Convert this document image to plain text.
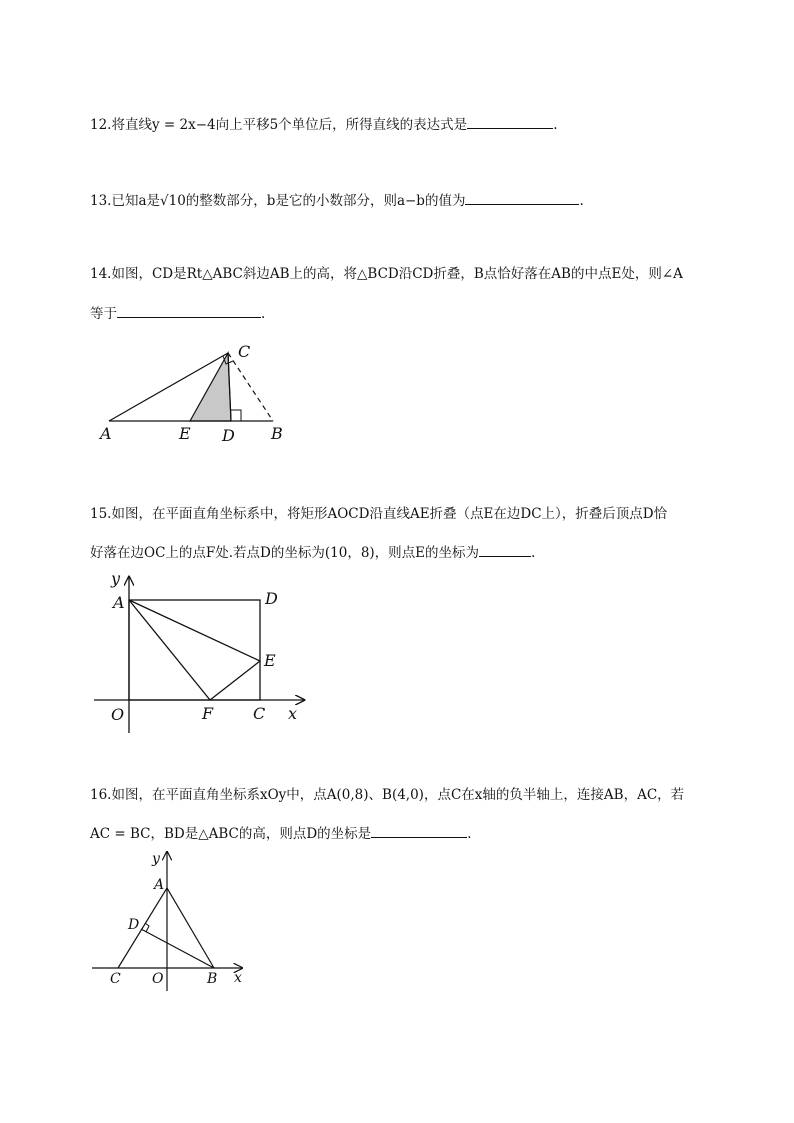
12.将直线y = 2x−4向上平移5个单位后，所得直线的表达式是	.
13.已知a是√10的整数部分，b是它的小数部分，则a−b的值为	.
14.如图，CD是Rt△ABC斜边AB上的高，将△BCD沿CD折叠，B点恰好落在AB的中点E处，则∠A
等于	.
A	E D B
C
15.如图，在平面直角坐标系中，将矩形AOCD沿直线AE折叠（点E在边DC上），折叠后顶点D恰
好落在边OC上的点F处.若点D的坐标为(10，8)，则点E的坐标为	.
y
A	D
E
O	F C x
16.如图，在平面直角坐标系xOy中，点A(0,8)、B(4,0)，点C在x轴的负半轴上，连接AB，AC，若
AC = BC，BD是△ABC的高，则点D的坐标是	.
y
A
D
C O	B x
